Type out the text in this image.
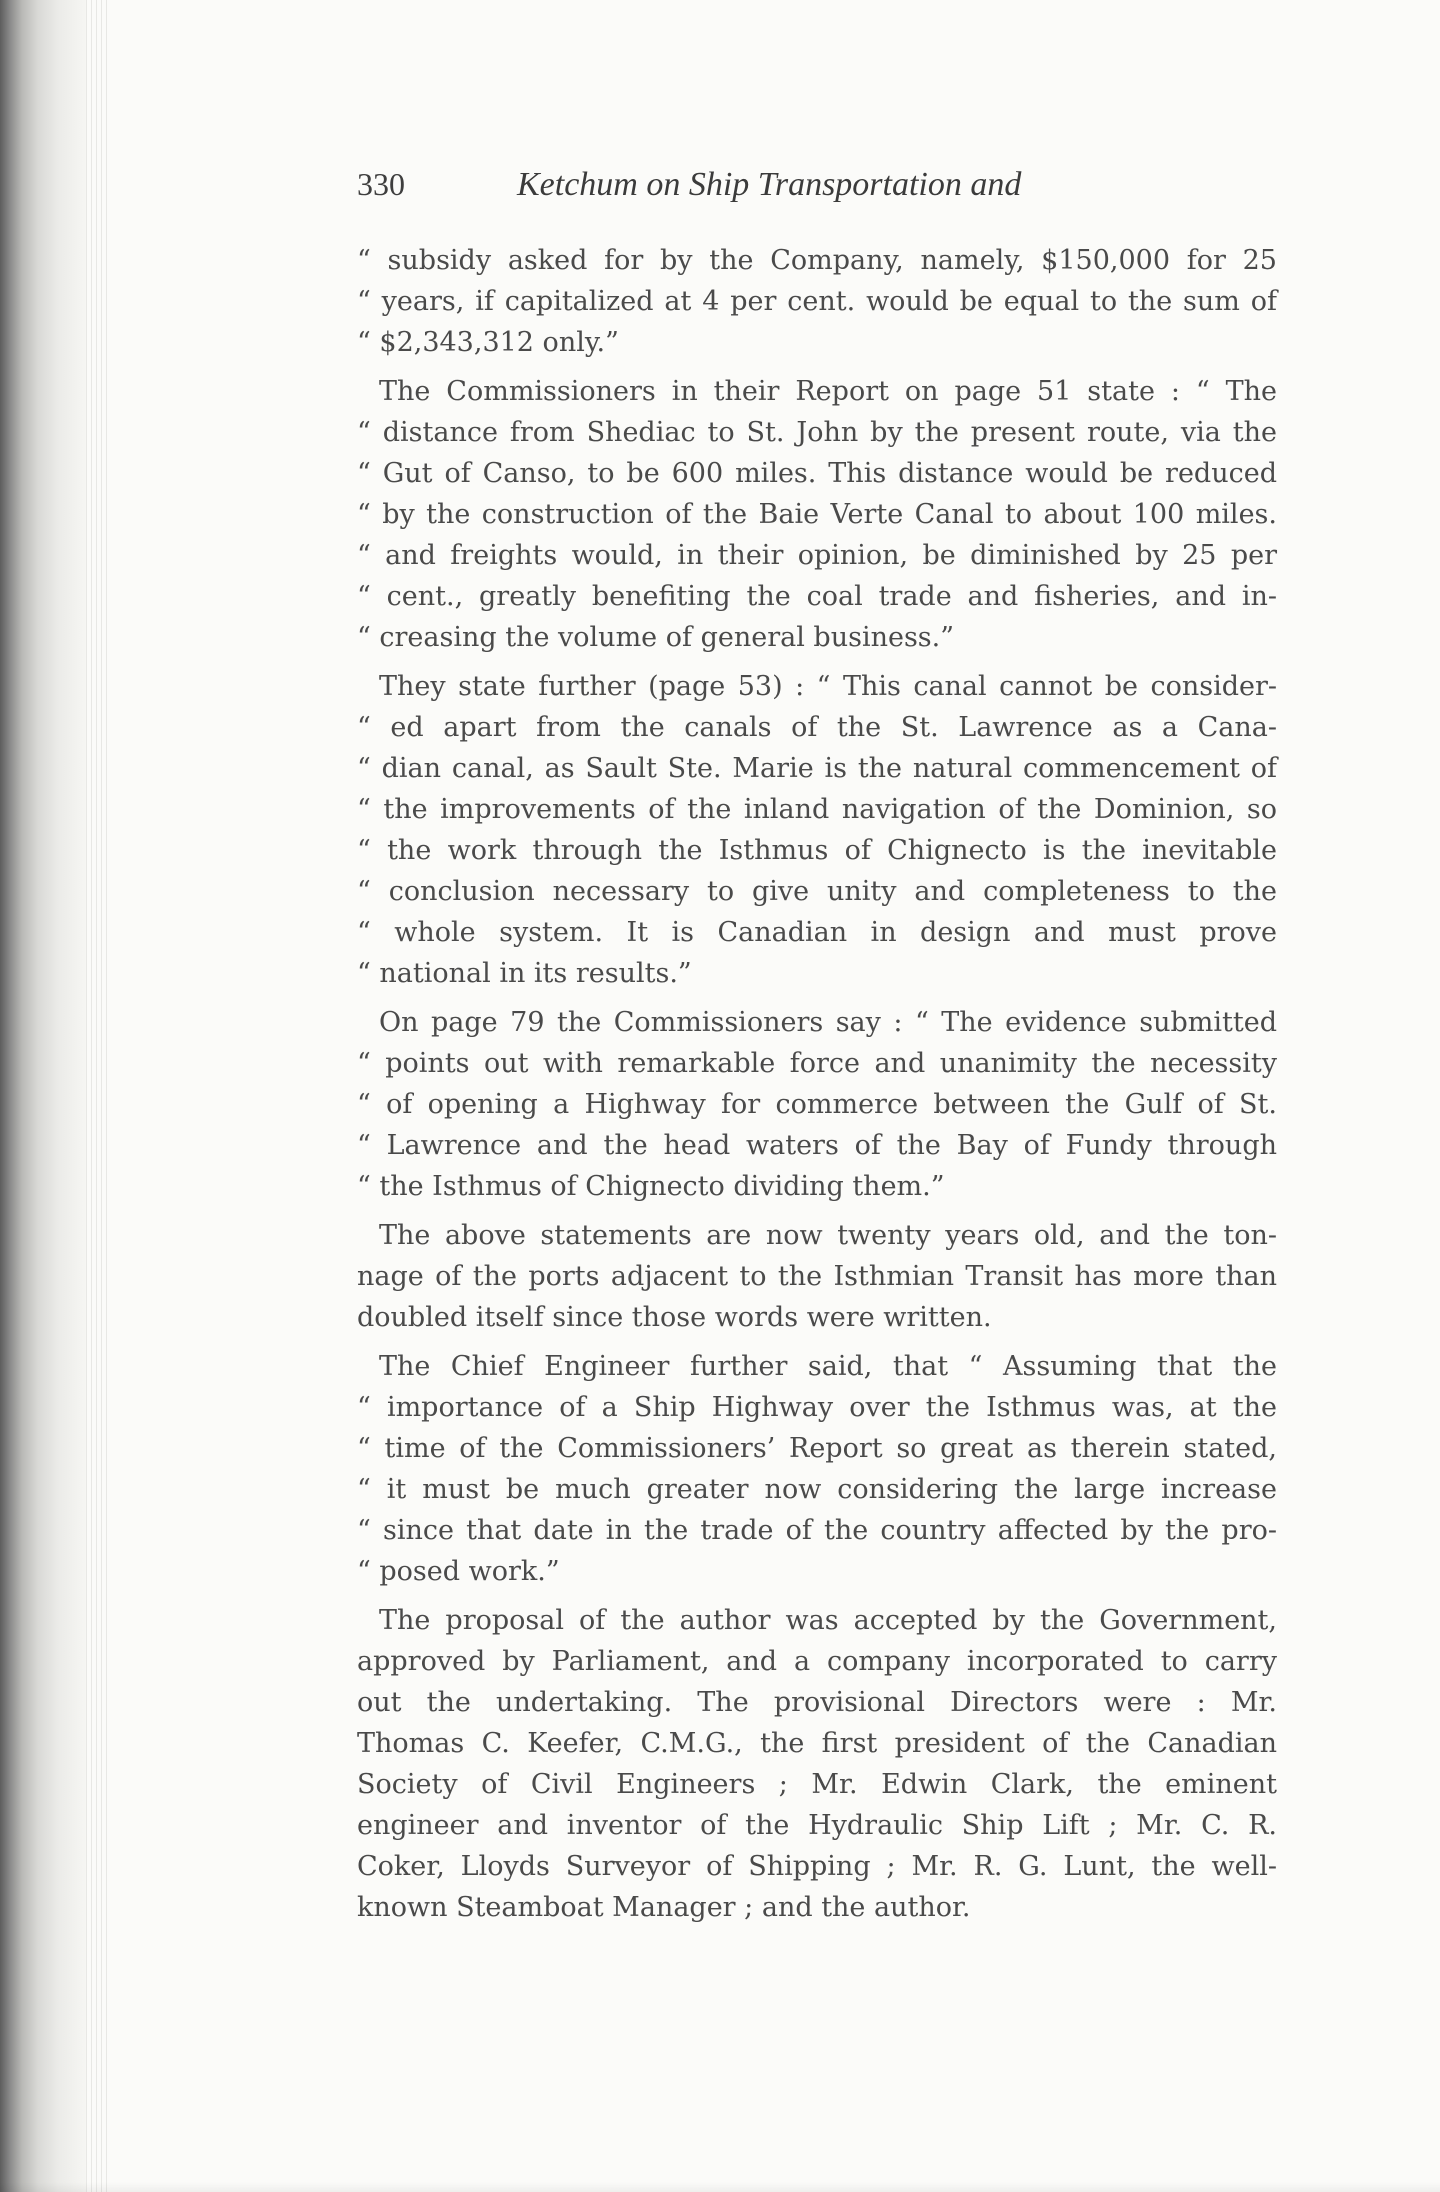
330	Ketchum on Ship Transportation and
“ subsidy asked for by the Company, namely, $150,000 for 25
“ years, if capitalized at 4 per cent. would be equal to the sum of
“ $2,343,312 only.”
The Commissioners in their Report on page 51 state : “ The
“ distance from Shediac to St. John by the present route, via the
“ Gut of Canso, to be 600 miles. This distance would be reduced
“ by the construction of the Baie Verte Canal to about 100 miles.
“ and freights would, in their opinion, be diminished by 25 per
“ cent., greatly benefiting the coal trade and fisheries, and in-
“ creasing the volume of general business.”
They state further (page 53) : “ This canal cannot be consider-
“ ed apart from the canals of the St. Lawrence as a Cana-
“ dian canal, as Sault Ste. Marie is the natural commencement of
“ the improvements of the inland navigation of the Dominion, so
“ the work through the Isthmus of Chignecto is the inevitable
“ conclusion necessary to give unity and completeness to the
“ whole system. It is Canadian in design and must prove
“ national in its results.”
On page 79 the Commissioners say : “ The evidence submitted
“ points out with remarkable force and unanimity the necessity
“ of opening a Highway for commerce between the Gulf of St.
“ Lawrence and the head waters of the Bay of Fundy through
“ the Isthmus of Chignecto dividing them.”
The above statements are now twenty years old, and the ton-
nage of the ports adjacent to the Isthmian Transit has more than
doubled itself since those words were written.
The Chief Engineer further said, that “ Assuming that the
“ importance of a Ship Highway over the Isthmus was, at the
“ time of the Commissioners’ Report so great as therein stated,
“ it must be much greater now considering the large increase
“ since that date in the trade of the country affected by the pro-
“ posed work.”
The proposal of the author was accepted by the Government,
approved by Parliament, and a company incorporated to carry
out the undertaking. The provisional Directors were : Mr.
Thomas C. Keefer, C.M.G., the first president of the Canadian
Society of Civil Engineers ; Mr. Edwin Clark, the eminent
engineer and inventor of the Hydraulic Ship Lift ; Mr. C. R.
Coker, Lloyds Surveyor of Shipping ; Mr. R. G. Lunt, the well-
known Steamboat Manager ; and the author.
